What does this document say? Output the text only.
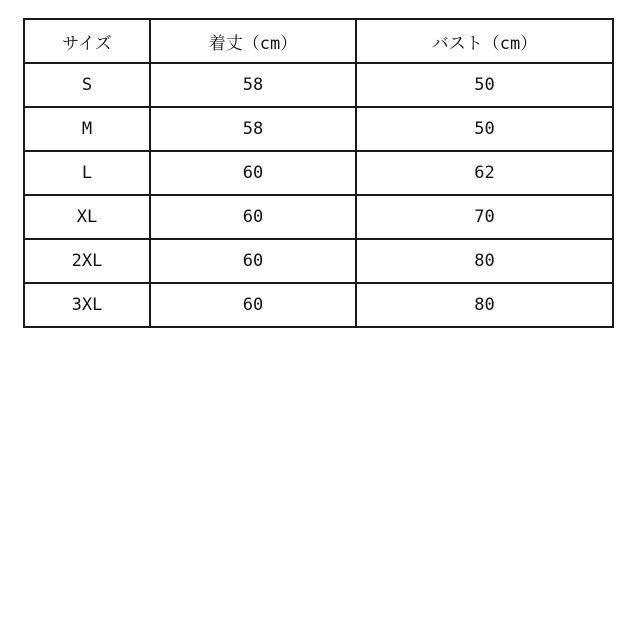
サイズ	着丈（cm）	バスト（cm）
S	58	50
M	58	50
L	60	62
XL	60	70
2XL	60	80
3XL	60	80
